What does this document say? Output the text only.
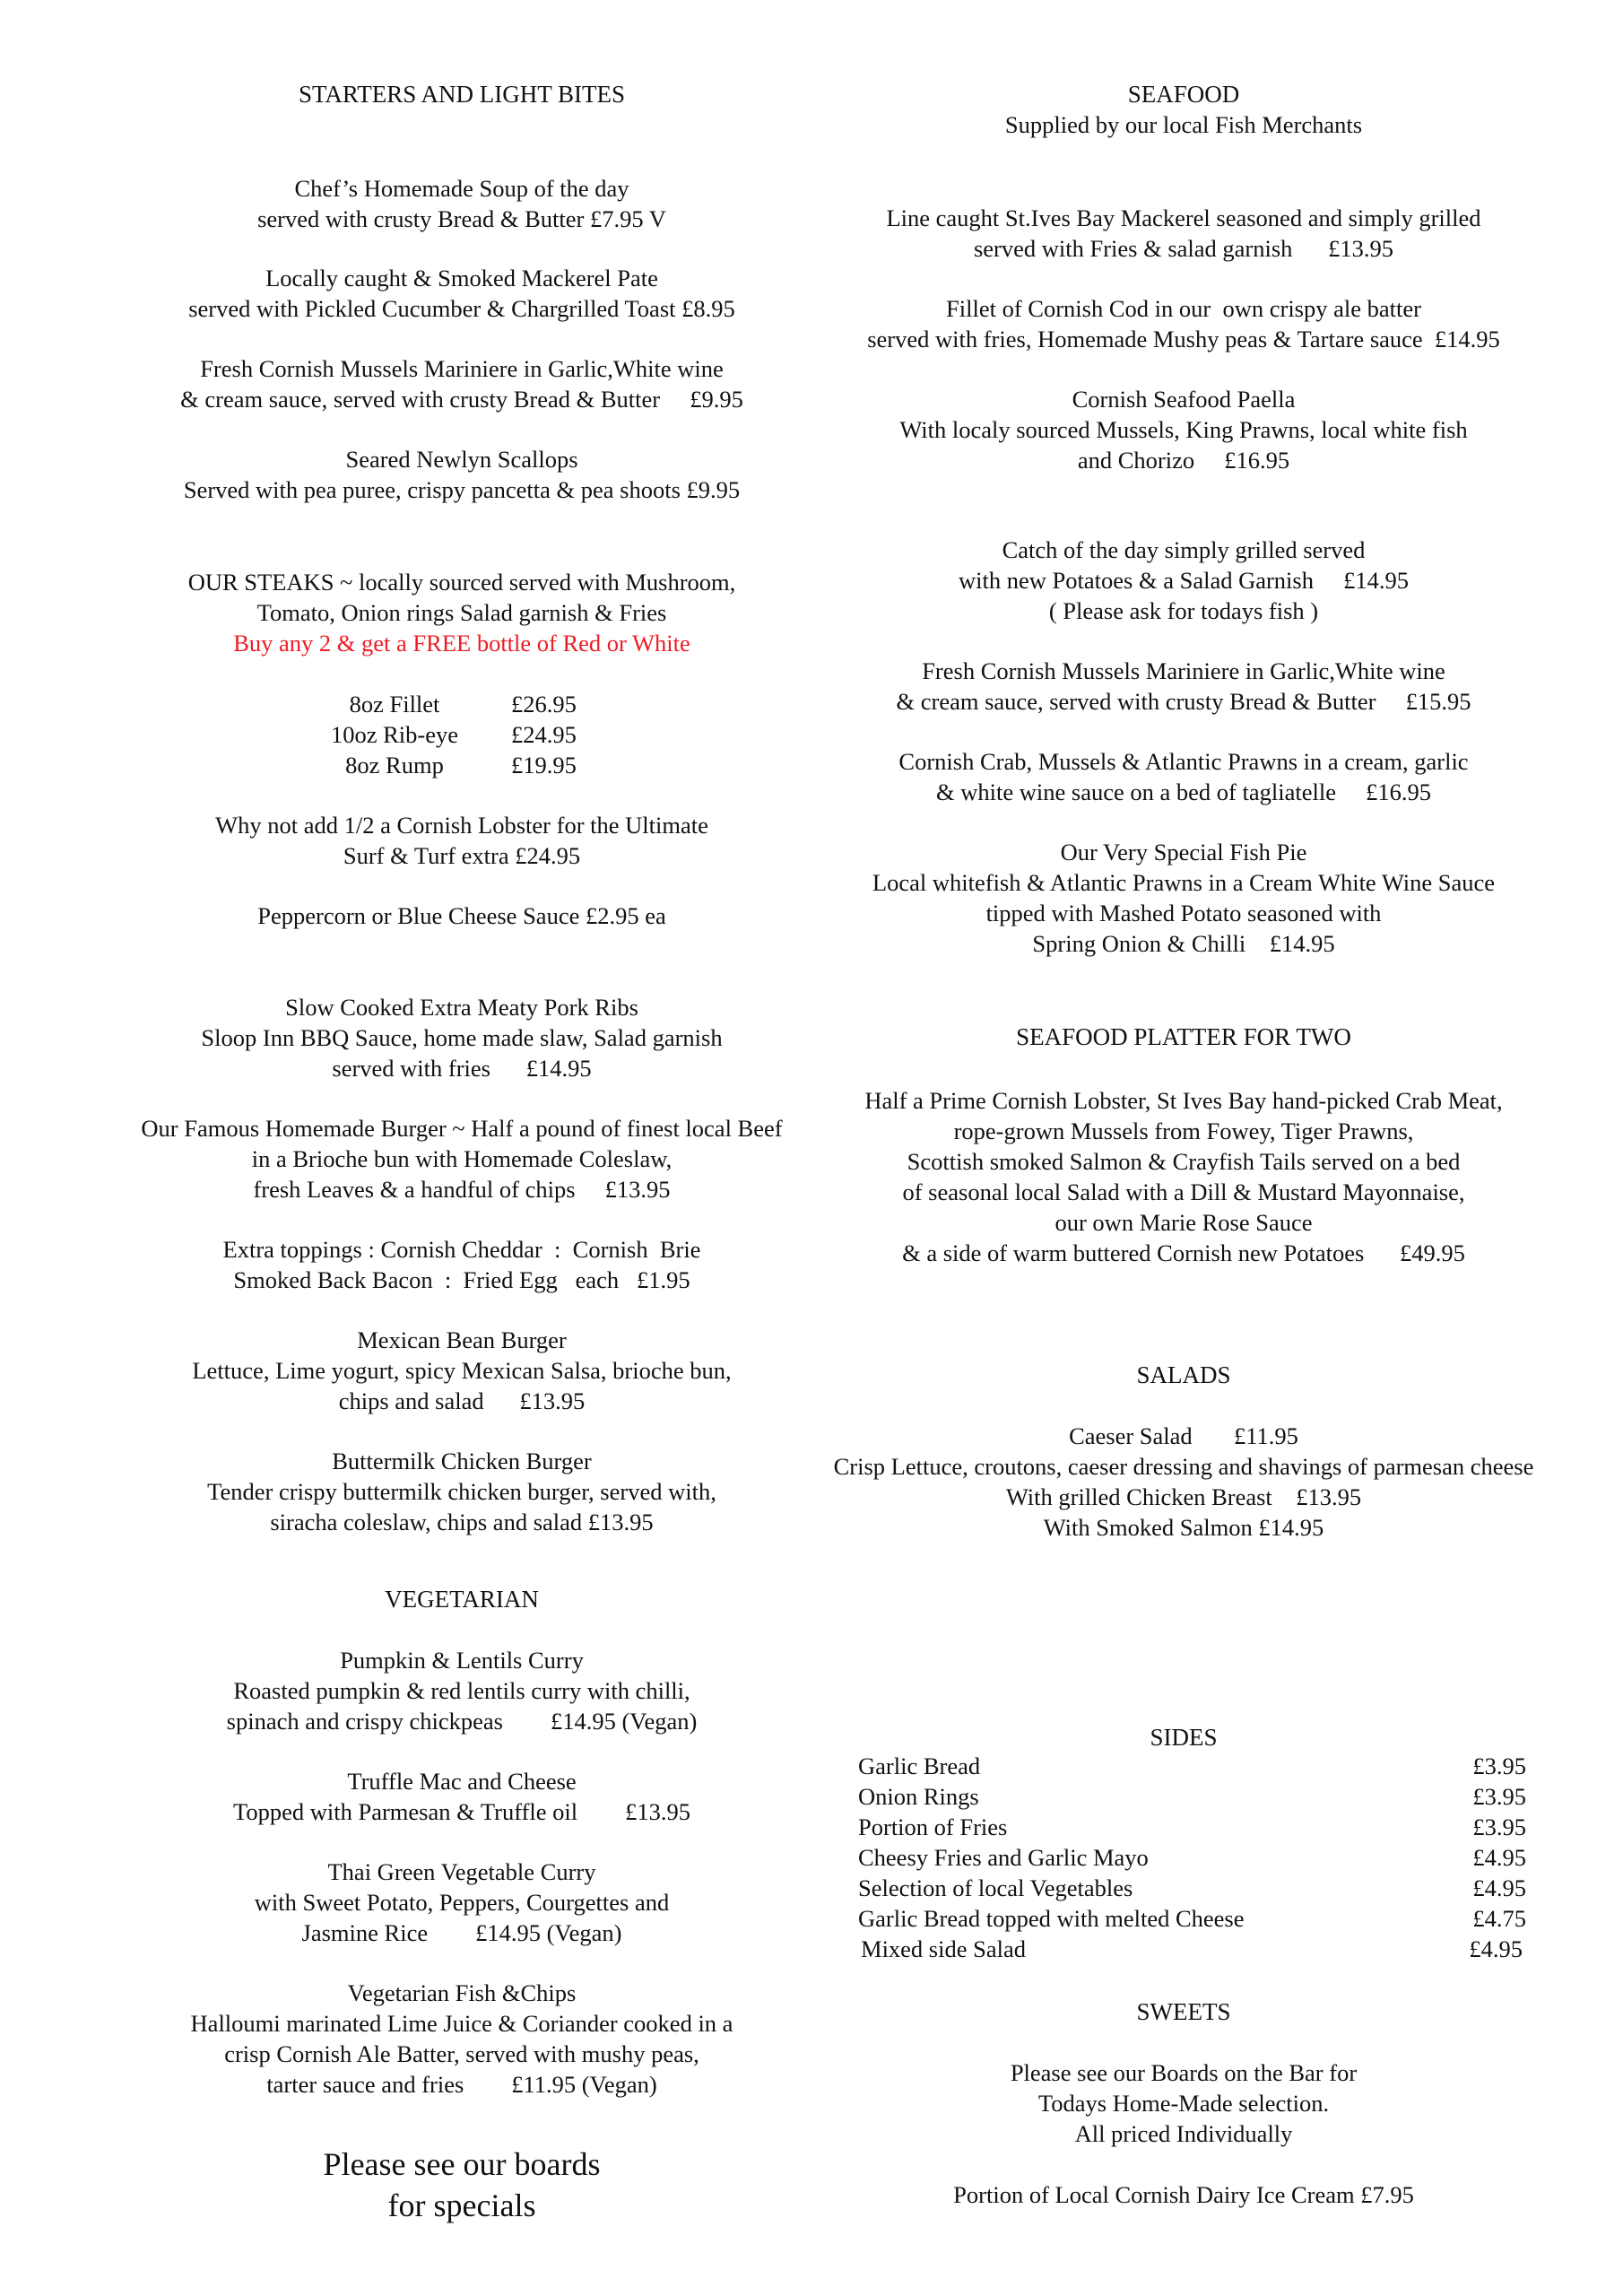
STARTERS AND LIGHT BITES
Chef’s Homemade Soup of the day
served with crusty Bread & Butter £7.95 V
Locally caught & Smoked Mackerel Pate
served with Pickled Cucumber & Chargrilled Toast £8.95
Fresh Cornish Mussels Mariniere in Garlic,White wine
& cream sauce, served with crusty Bread & Butter     £9.95
Seared Newlyn Scallops
Served with pea puree, crispy pancetta & pea shoots £9.95
OUR STEAKS ~ locally sourced served with Mushroom,
Tomato, Onion rings Salad garnish & Fries
Buy any 2 & get a FREE bottle of Red or White
8oz Fillet	£26.95
10oz Rib-eye	£24.95
8oz Rump	£19.95
Why not add 1/2 a Cornish Lobster for the Ultimate
Surf & Turf extra £24.95
Peppercorn or Blue Cheese Sauce £2.95 ea
Slow Cooked Extra Meaty Pork Ribs
Sloop Inn BBQ Sauce, home made slaw, Salad garnish
served with fries      £14.95
Our Famous Homemade Burger ~ Half a pound of finest local Beef
in a Brioche bun with Homemade Coleslaw,
fresh Leaves & a handful of chips     £13.95
Extra toppings : Cornish Cheddar  :  Cornish  Brie
Smoked Back Bacon  :  Fried Egg   each   £1.95
Mexican Bean Burger
Lettuce, Lime yogurt, spicy Mexican Salsa, brioche bun,
chips and salad      £13.95
Buttermilk Chicken Burger
Tender crispy buttermilk chicken burger, served with,
siracha coleslaw, chips and salad £13.95
VEGETARIAN
Pumpkin & Lentils Curry
Roasted pumpkin & red lentils curry with chilli,
spinach and crispy chickpeas        £14.95 (Vegan)
Truffle Mac and Cheese
Topped with Parmesan & Truffle oil        £13.95
Thai Green Vegetable Curry
with Sweet Potato, Peppers, Courgettes and
Jasmine Rice        £14.95 (Vegan)
Vegetarian Fish &Chips
Halloumi marinated Lime Juice & Coriander cooked in a
crisp Cornish Ale Batter, served with mushy peas,
tarter sauce and fries        £11.95 (Vegan)
Please see our boards
for specials
SEAFOOD
Supplied by our local Fish Merchants
Line caught St.Ives Bay Mackerel seasoned and simply grilled
served with Fries & salad garnish      £13.95
Fillet of Cornish Cod in our  own crispy ale batter
served with fries, Homemade Mushy peas & Tartare sauce  £14.95
Cornish Seafood Paella
With localy sourced Mussels, King Prawns, local white fish
and Chorizo     £16.95
Catch of the day simply grilled served
with new Potatoes & a Salad Garnish     £14.95
( Please ask for todays fish )
Fresh Cornish Mussels Mariniere in Garlic,White wine
& cream sauce, served with crusty Bread & Butter     £15.95
Cornish Crab, Mussels & Atlantic Prawns in a cream, garlic
& white wine sauce on a bed of tagliatelle     £16.95
Our Very Special Fish Pie
Local whitefish & Atlantic Prawns in a Cream White Wine Sauce
tipped with Mashed Potato seasoned with
Spring Onion & Chilli    £14.95
SEAFOOD PLATTER FOR TWO
Half a Prime Cornish Lobster, St Ives Bay hand-picked Crab Meat,
rope-grown Mussels from Fowey, Tiger Prawns,
Scottish smoked Salmon & Crayfish Tails served on a bed
of seasonal local Salad with a Dill & Mustard Mayonnaise,
our own Marie Rose Sauce
& a side of warm buttered Cornish new Potatoes      £49.95
SALADS
Caeser Salad       £11.95
Crisp Lettuce, croutons, caeser dressing and shavings of parmesan cheese
With grilled Chicken Breast    £13.95
With Smoked Salmon £14.95
SIDES
SWEETS
Please see our Boards on the Bar for
Todays Home-Made selection.
All priced Individually
Portion of Local Cornish Dairy Ice Cream £7.95
Garlic Bread	£3.95
Onion Rings	£3.95
Portion of Fries	£3.95
Cheesy Fries and Garlic Mayo	£4.95
Selection of local Vegetables	£4.95
Garlic Bread topped with melted Cheese	£4.75
Mixed side Salad	£4.95
